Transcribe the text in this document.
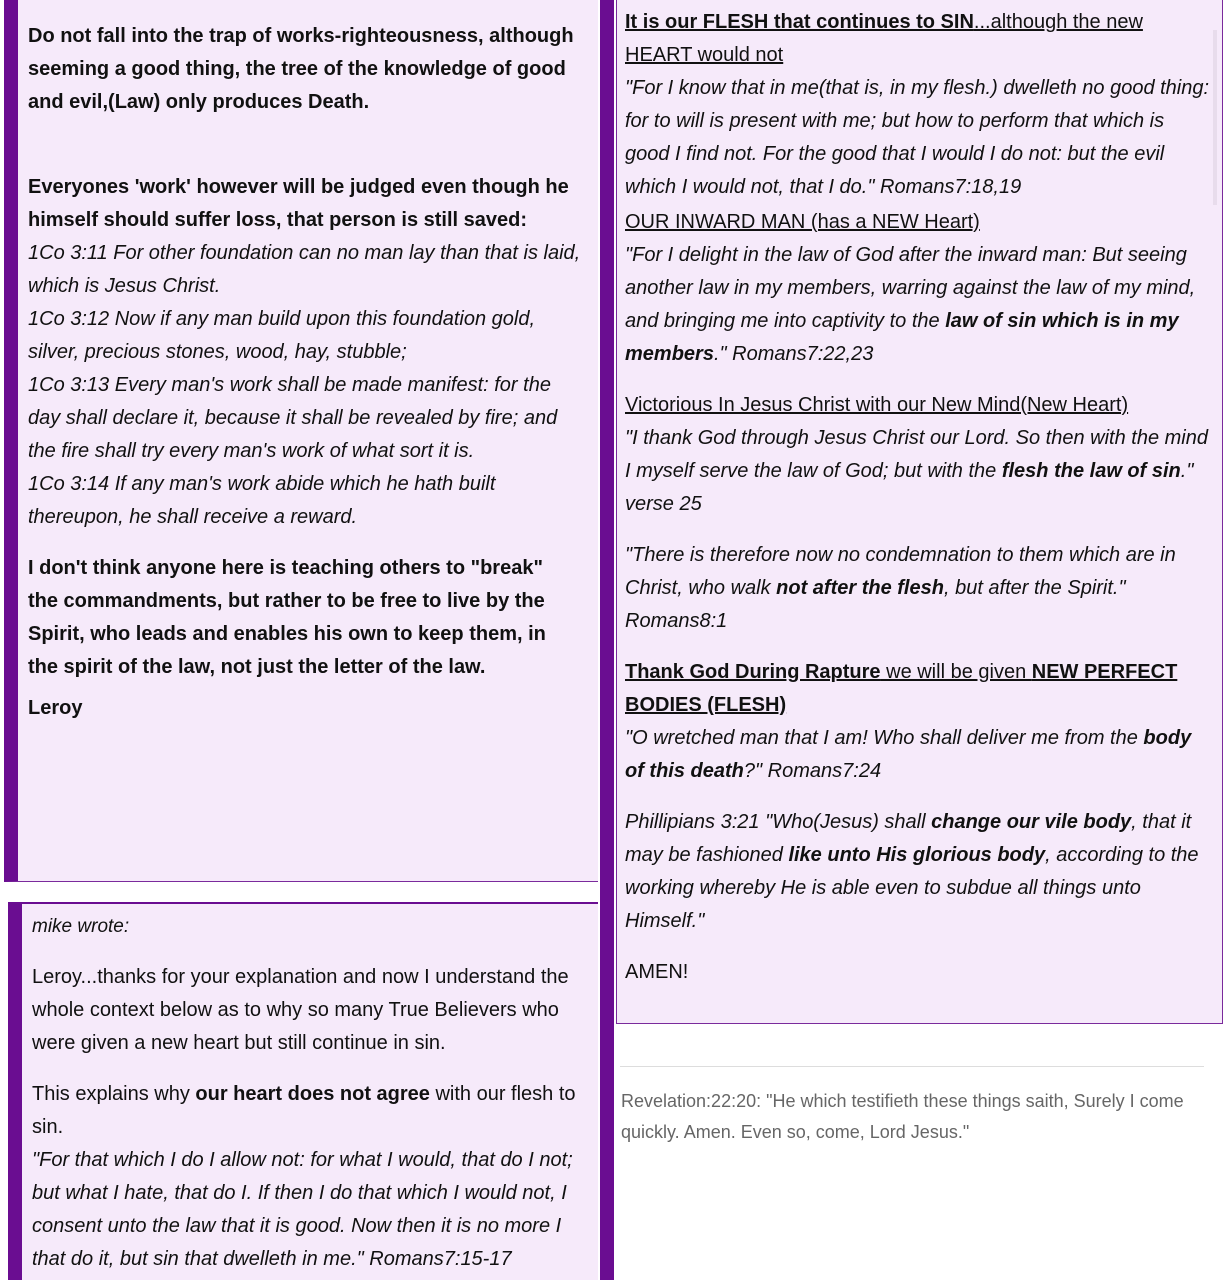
Do not fall into the trap of works-righteousness, although seeming a good thing, the tree of the knowledge of good and evil,(Law) only produces Death.

Everyones 'work' however will be judged even though he himself should suffer loss, that person is still saved:

1Co 3:11 For other foundation can no man lay than that is laid, which is Jesus Christ.

1Co 3:12 Now if any man build upon this foundation gold, silver, precious stones, wood, hay, stubble;

1Co 3:13 Every man's work shall be made manifest: for the day shall declare it, because it shall be revealed by fire; and the fire shall try every man's work of what sort it is.

1Co 3:14 If any man's work abide which he hath built thereupon, he shall receive a reward.

I don't think anyone here is teaching others to "break" the commandments, but rather to be free to live by the Spirit, who leads and enables his own to keep them, in the spirit of the law, not just the letter of the law.

Leroy

mike wrote:

Leroy...thanks for your explanation and now I understand the whole context below as to why so many True Believers who were given a new heart but still continue in sin.

This explains why our heart does not agree with our flesh to sin.

"For that which I do I allow not: for what I would, that do I not; but what I hate, that do I. If then I do that which I would not, I consent unto the law that it is good. Now then it is no more I that do it, but sin that dwelleth in me." Romans7:15-17

It is our FLESH that continues to SIN...although the new HEART would not

"For I know that in me(that is, in my flesh.) dwelleth no good thing: for to will is present with me; but how to perform that which is good I find not. For the good that I would I do not: but the evil which I would not, that I do." Romans7:18,19

OUR INWARD MAN (has a NEW Heart)

"For I delight in the law of God after the inward man: But seeing another law in my members, warring against the law of my mind, and bringing me into captivity to the law of sin which is in my members." Romans7:22,23

Victorious In Jesus Christ with our New Mind(New Heart)

"I thank God through Jesus Christ our Lord. So then with the mind I myself serve the law of God; but with the flesh the law of sin." verse 25

"There is therefore now no condemnation to them which are in Christ, who walk not after the flesh, but after the Spirit." Romans8:1

Thank God During Rapture we will be given NEW PERFECT BODIES (FLESH)

"O wretched man that I am! Who shall deliver me from the body of this death?" Romans7:24

Phillipians 3:21 "Who(Jesus) shall change our vile body, that it may be fashioned like unto His glorious body, according to the working whereby He is able even to subdue all things unto Himself."

AMEN!

Revelation:22:20: "He which testifieth these things saith, Surely I come quickly. Amen. Even so, come, Lord Jesus."
